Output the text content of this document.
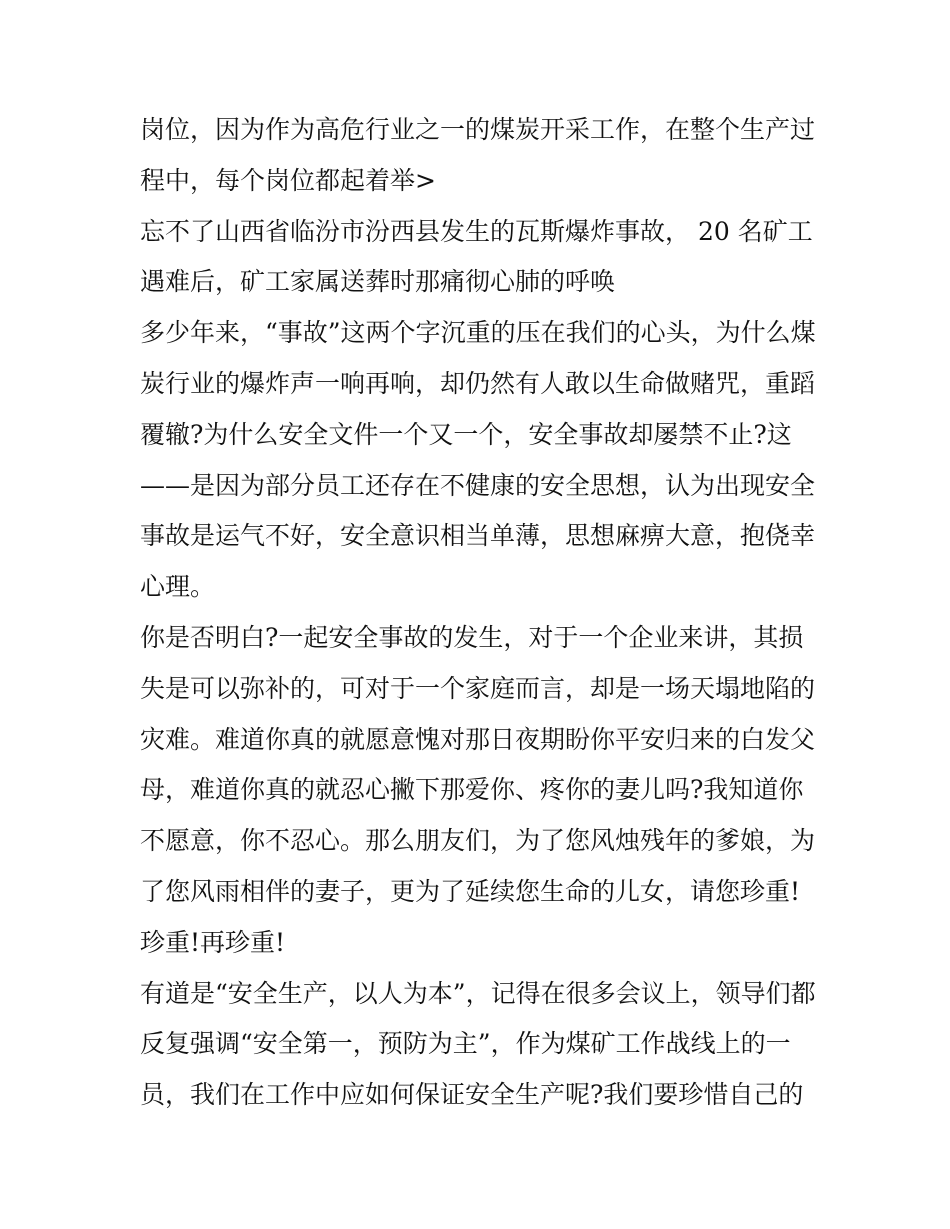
岗位，因为作为高危行业之一的煤炭开采工作，在整个生产过
程中，每个岗位都起着举>
忘不了山西省临汾市汾西县发生的瓦斯爆炸事故， 20 名矿工
遇难后，矿工家属送葬时那痛彻心肺的呼唤
多少年来，“事故”这两个字沉重的压在我们的心头，为什么煤
炭行业的爆炸声一响再响，却仍然有人敢以生命做赌咒，重蹈
覆辙?为什么安全文件一个又一个，安全事故却屡禁不止?这
——是因为部分员工还存在不健康的安全思想，认为出现安全
事故是运气不好，安全意识相当单薄，思想麻痹大意，抱侥幸
心理。
你是否明白?一起安全事故的发生，对于一个企业来讲，其损
失是可以弥补的，可对于一个家庭而言，却是一场天塌地陷的
灾难。难道你真的就愿意愧对那日夜期盼你平安归来的白发父
母，难道你真的就忍心撇下那爱你、疼你的妻儿吗?我知道你
不愿意，你不忍心。那么朋友们，为了您风烛残年的爹娘，为
了您风雨相伴的妻子，更为了延续您生命的儿女，请您珍重!
珍重!再珍重!
有道是“安全生产，以人为本”，记得在很多会议上，领导们都
反复强调“安全第一，预防为主”，作为煤矿工作战线上的一
员，我们在工作中应如何保证安全生产呢?我们要珍惜自己的
